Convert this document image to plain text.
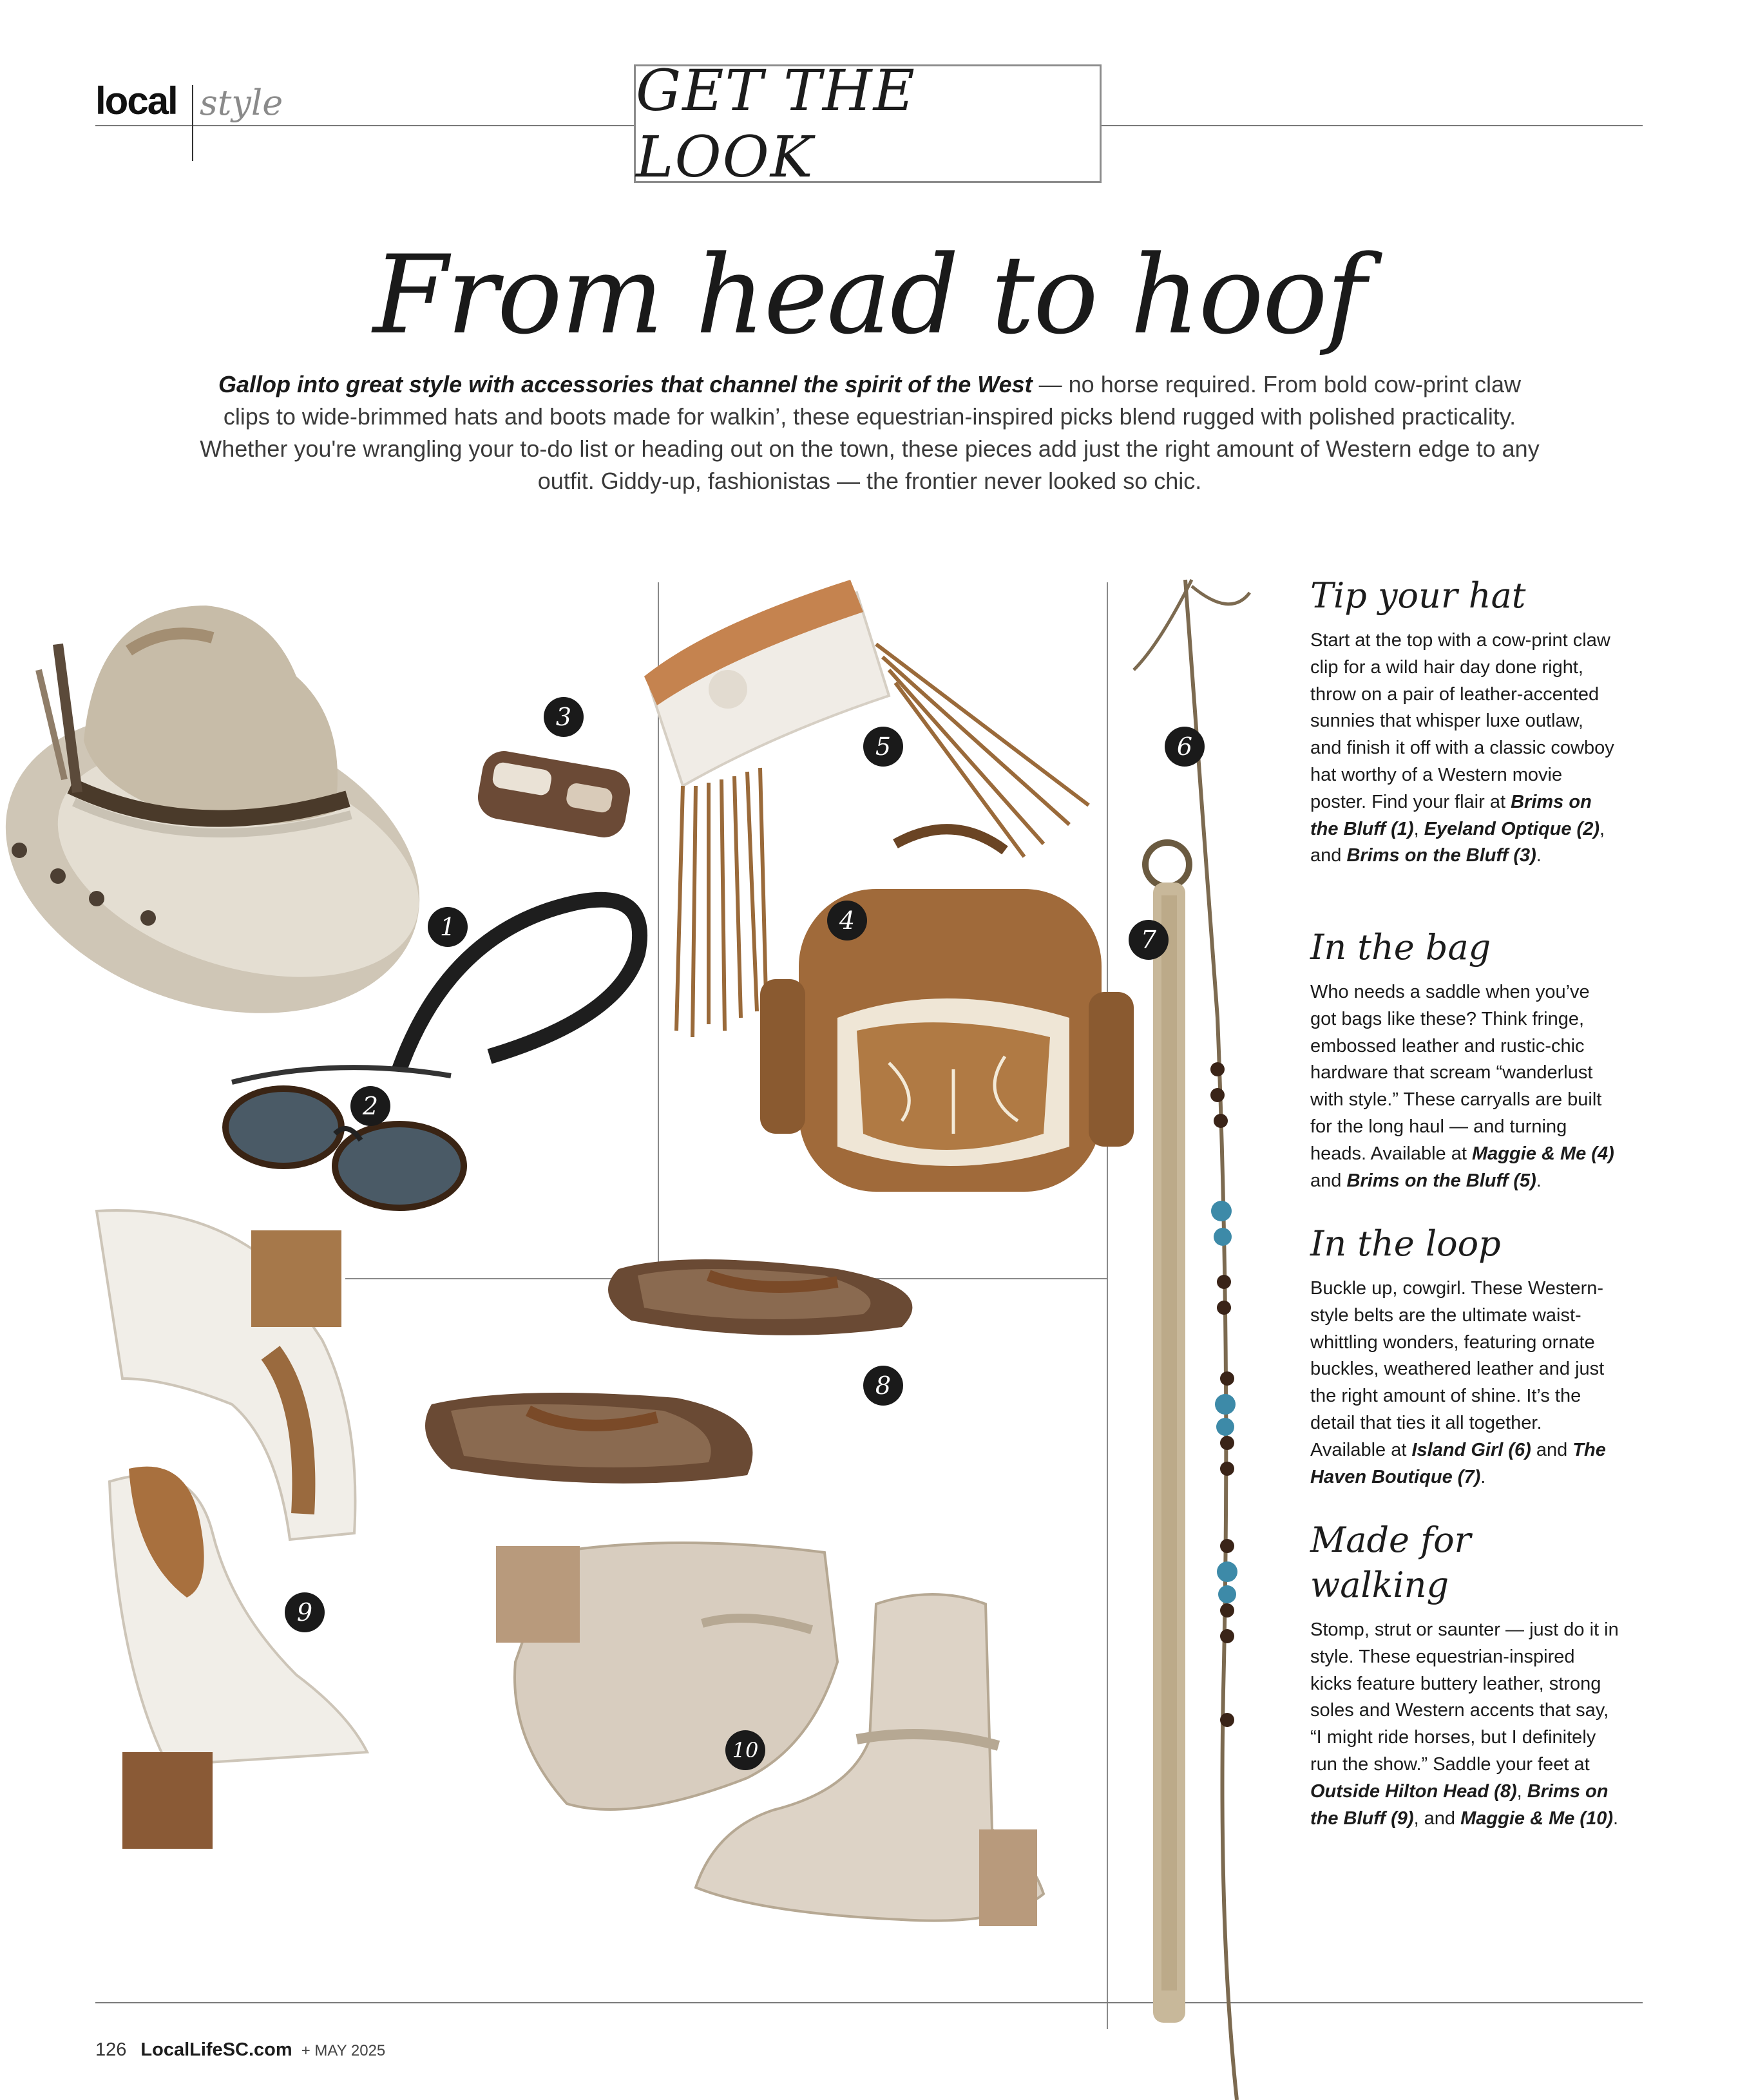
local style	GET THE LOOK
From head to hoof
Gallop into great style with accessories that channel the spirit of the West — no horse required. From bold cow-print claw clips to wide-brimmed hats and boots made for walkin’, these equestrian-inspired picks blend rugged with polished practicality. Whether you're wrangling your to-do list or heading out on the town, these pieces add just the right amount of Western edge to any outfit. Giddy-up, fashionistas — the frontier never looked so chic.
1
2
3
4
5	6
7
8
9
10
Tip your hat

Start at the top with a cow-print claw clip for a wild hair day done right, throw on a pair of leather-accented sunnies that whisper luxe outlaw, and finish it off with a classic cowboy hat worthy of a Western movie poster. Find your flair at Brims on the Bluff (1), Eyeland Optique (2), and Brims on the Bluff (3).

In the bag

Who needs a saddle when you’ve got bags like these? Think fringe, embossed leather and rustic-chic hardware that scream “wanderlust with style.” These carryalls are built for the long haul — and turning heads. Available at Maggie & Me (4) and Brims on the Bluff (5).

In the loop

Buckle up, cowgirl. These Western-style belts are the ultimate waist-whittling wonders, featuring ornate buckles, weathered leather and just the right amount of shine. It’s the detail that ties it all together. Available at Island Girl (6) and The Haven Boutique (7).

Made for walking

Stomp, strut or saunter — just do it in style. These equestrian-inspired kicks feature buttery leather, strong soles and Western accents that say, “I might ride horses, but I definitely run the show.” Saddle your feet at Outside Hilton Head (8), Brims on the Bluff (9), and Maggie & Me (10).

126 LocalLifeSC.com + MAY 2025
